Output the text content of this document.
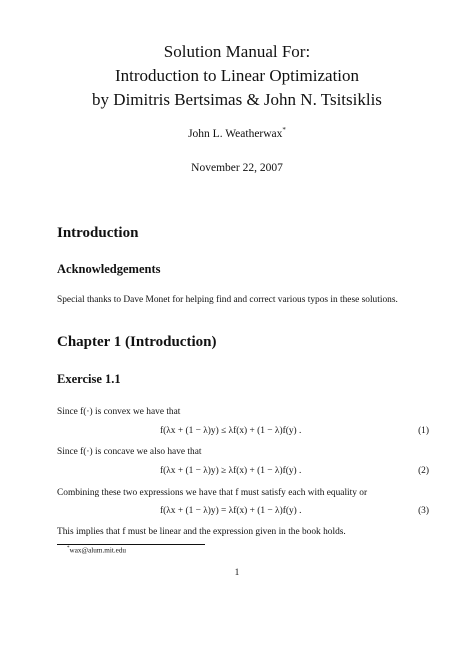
Solution Manual For:
Introduction to Linear Optimization
by Dimitris Bertsimas & John N. Tsitsiklis
John L. Weatherwax*
November 22, 2007
Introduction
Acknowledgements
Special thanks to Dave Monet for helping find and correct various typos in these solutions.
Chapter 1 (Introduction)
Exercise 1.1
Since f(·) is convex we have that
f(λx + (1 − λ)y) ≤ λf(x) + (1 − λ)f(y) .	(1)
Since f(·) is concave we also have that
f(λx + (1 − λ)y) ≥ λf(x) + (1 − λ)f(y) .	(2)
Combining these two expressions we have that f must satisfy each with equality or
f(λx + (1 − λ)y) = λf(x) + (1 − λ)f(y) .	(3)
This implies that f must be linear and the expression given in the book holds.
*wax@alum.mit.edu
1
